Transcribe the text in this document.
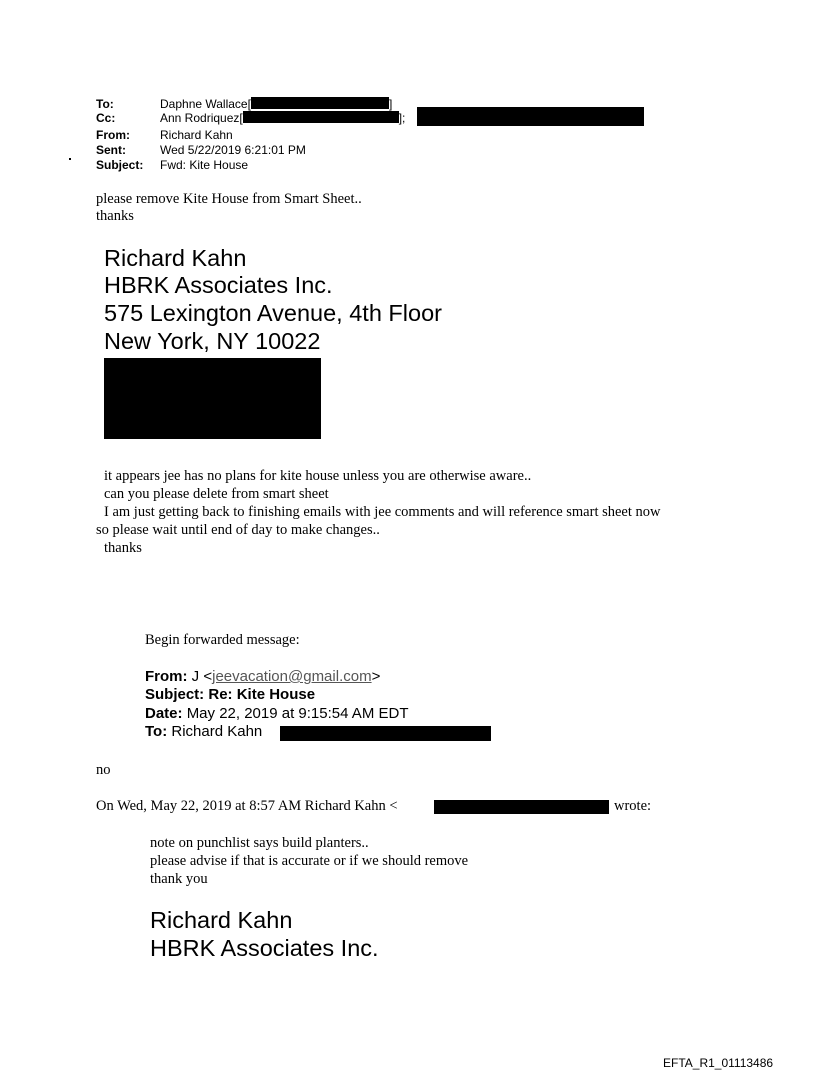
To:	Daphne Wallace[	]
Cc:	Ann Rodriquez[	];
From:	Richard Kahn
Sent:	Wed 5/22/2019 6:21:01 PM
Subject: Fwd: Kite House
please remove Kite House from Smart Sheet..
thanks
Richard Kahn
HBRK Associates Inc.
575 Lexington Avenue, 4th Floor
New York, NY 10022
it appears jee has no plans for kite house unless you are otherwise aware..
can you please delete from smart sheet
I am just getting back to finishing emails with jee comments and will reference smart sheet now
so please wait until end of day to make changes..
thanks
Begin forwarded message:
From: J <jeevacation@gmail.com>
Subject: Re: Kite House
Date: May 22, 2019 at 9:15:54 AM EDT
To: Richard Kahn
no
On Wed, May 22, 2019 at 8:57 AM Richard Kahn <	wrote:
note on punchlist says build planters..
please advise if that is accurate or if we should remove
thank you
Richard Kahn
HBRK Associates Inc.
EFTA_R1_01113486
